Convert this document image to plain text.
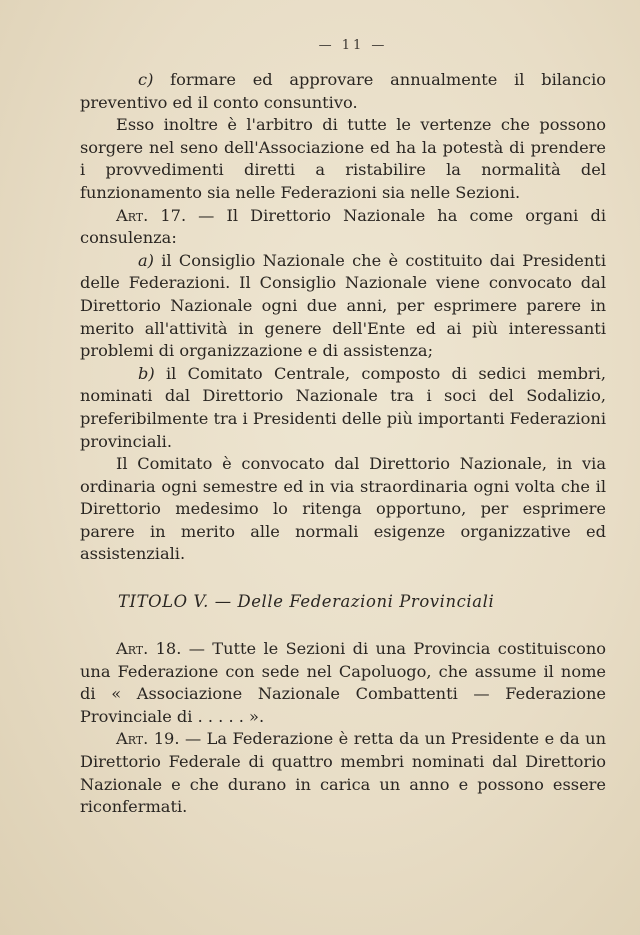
— 11 —

c) formare ed approvare annualmente il bilancio preventivo ed il conto consuntivo.

Esso inoltre è l'arbitro di tutte le vertenze che possono sorgere nel seno dell'Associazione ed ha la potestà di prendere i provvedimenti diretti a ristabilire la normalità del funzionamento sia nelle Federazioni sia nelle Sezioni.

Art. 17. — Il Direttorio Nazionale ha come organi di consulenza:

a) il Consiglio Nazionale che è costituito dai Presidenti delle Federazioni. Il Consiglio Nazionale viene convocato dal Direttorio Nazionale ogni due anni, per esprimere parere in merito all'attività in genere dell'Ente ed ai più interessanti problemi di organizzazione e di assistenza;

b) il Comitato Centrale, composto di sedici membri, nominati dal Direttorio Nazionale tra i soci del Sodalizio, preferibilmente tra i Presidenti delle più importanti Federazioni provinciali.

Il Comitato è convocato dal Direttorio Nazionale, in via ordinaria ogni semestre ed in via straordinaria ogni volta che il Direttorio medesimo lo ritenga opportuno, per esprimere parere in merito alle normali esigenze organizzative ed assistenziali.

TITOLO V. — Delle Federazioni Provinciali

Art. 18. — Tutte le Sezioni di una Provincia costituiscono una Federazione con sede nel Capoluogo, che assume il nome di « Associazione Nazionale Combattenti — Federazione Provinciale di . . . . . ».

Art. 19. — La Federazione è retta da un Presidente e da un Direttorio Federale di quattro membri nominati dal Direttorio Nazionale e che durano in carica un anno e possono essere riconfermati.
